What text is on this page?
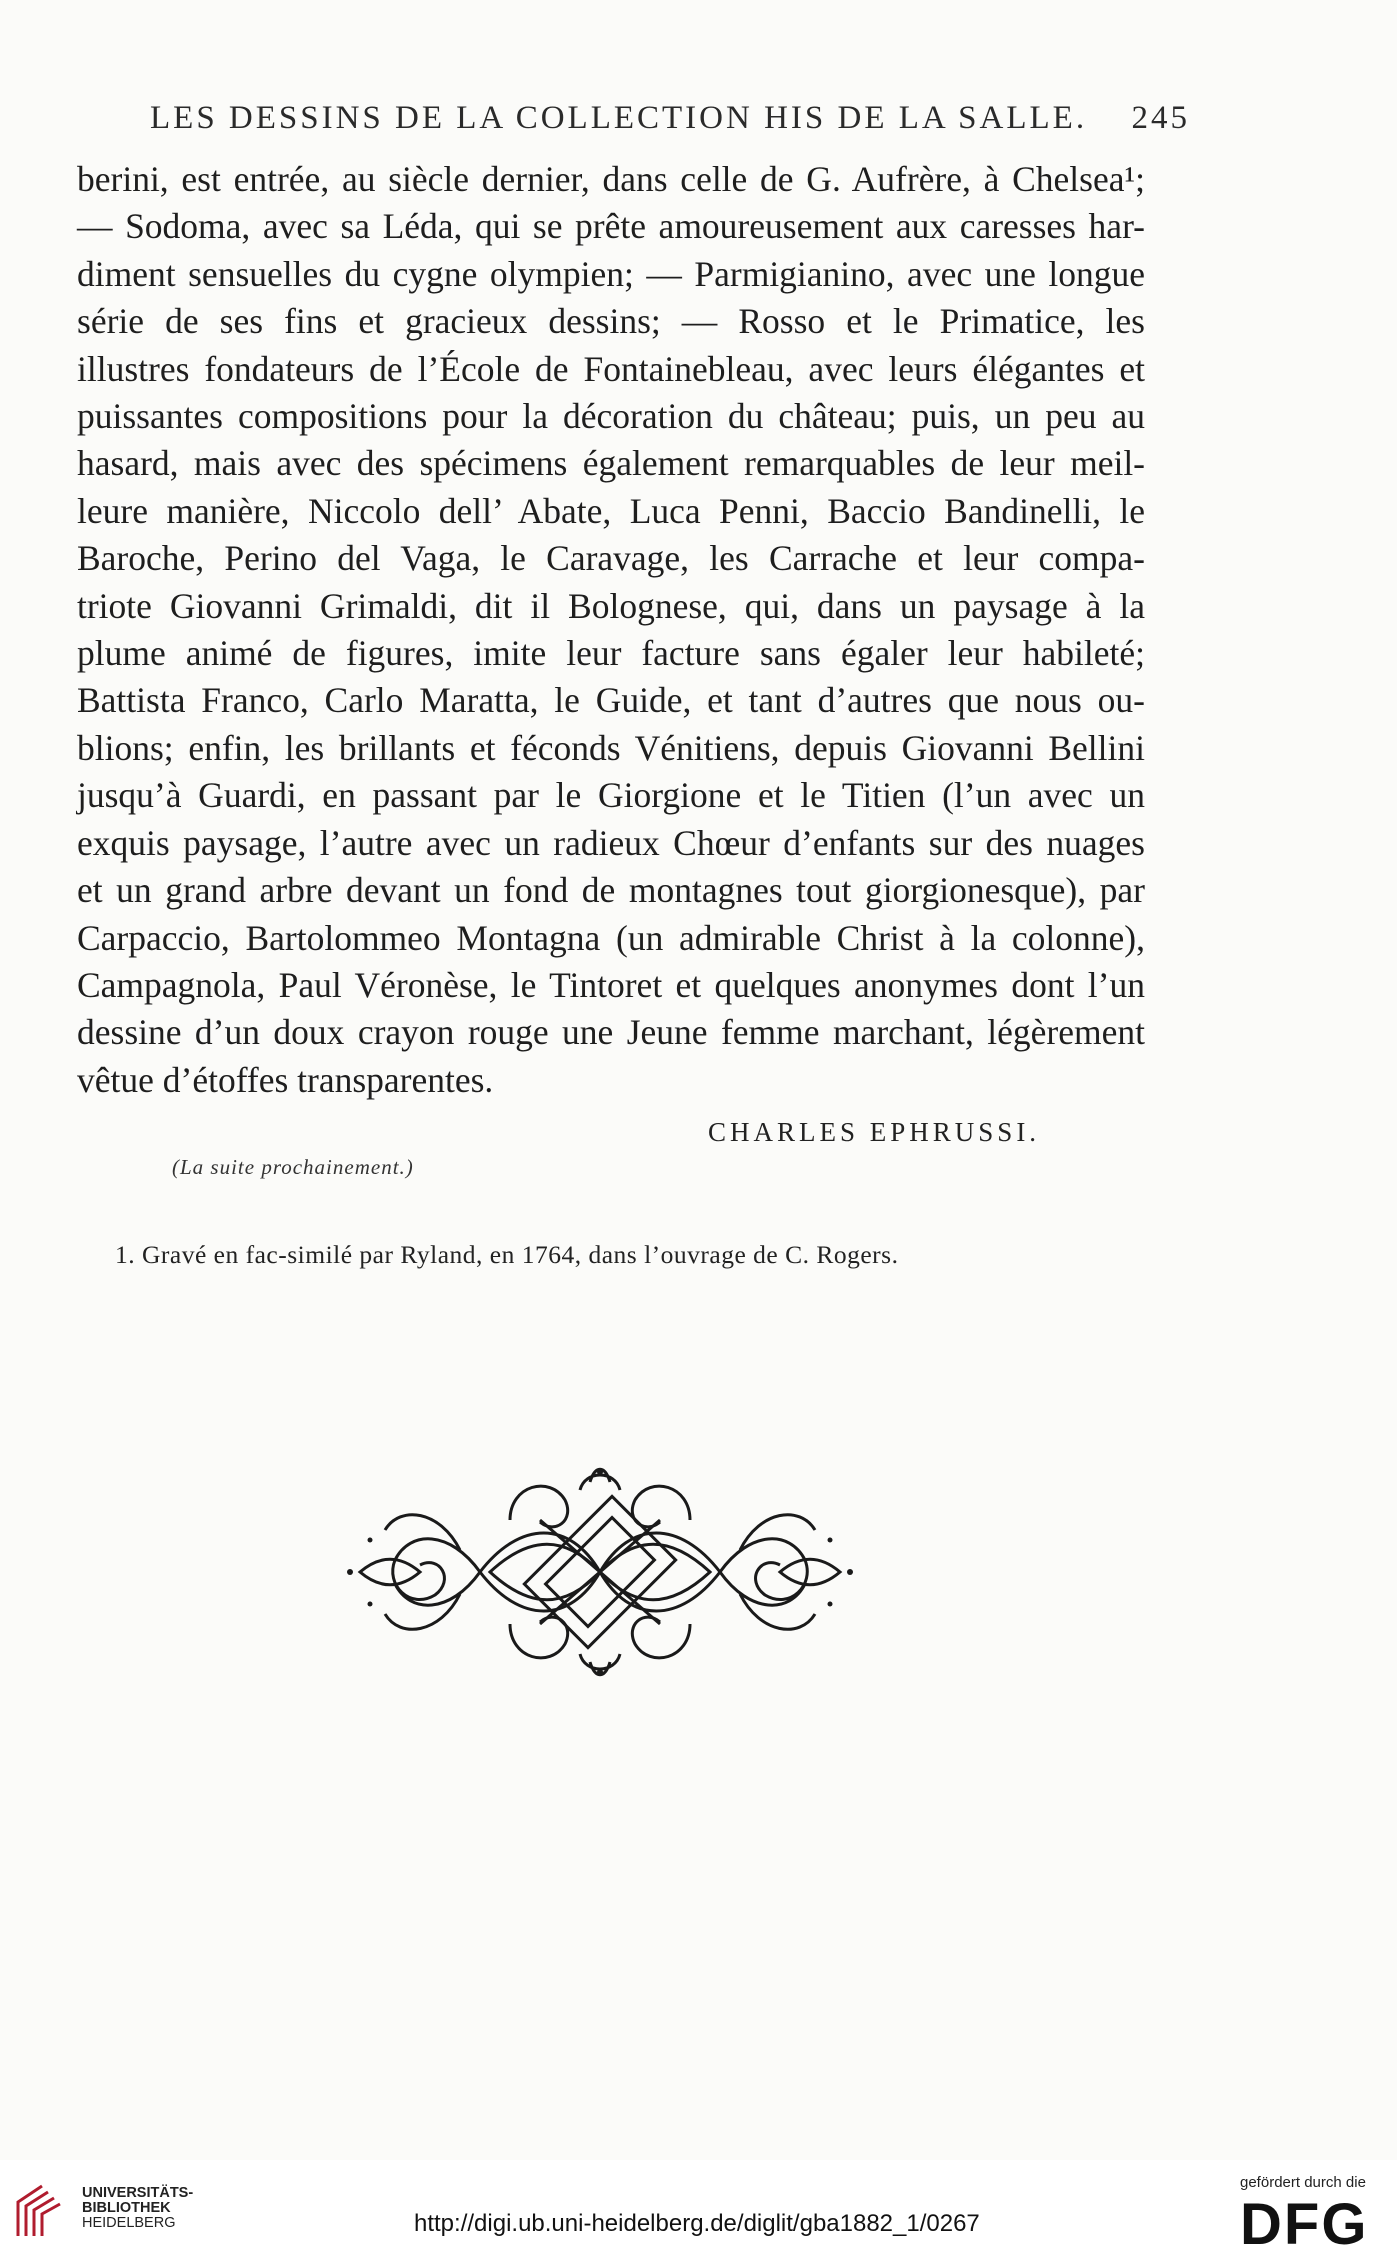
LES DESSINS DE LA COLLECTION HIS DE LA SALLE. 245
berini, est entrée, au siècle dernier, dans celle de G. Aufrère, à Chelsea¹;
— Sodoma, avec sa Léda, qui se prête amoureusement aux caresses har-
diment sensuelles du cygne olympien; — Parmigianino, avec une longue
série de ses fins et gracieux dessins; — Rosso et le Primatice, les
illustres fondateurs de l’École de Fontainebleau, avec leurs élégantes et
puissantes compositions pour la décoration du château; puis, un peu au
hasard, mais avec des spécimens également remarquables de leur meil-
leure manière, Niccolo dell’ Abate, Luca Penni, Baccio Bandinelli, le
Baroche, Perino del Vaga, le Caravage, les Carrache et leur compa-
triote Giovanni Grimaldi, dit il Bolognese, qui, dans un paysage à la
plume animé de figures, imite leur facture sans égaler leur habileté;
Battista Franco, Carlo Maratta, le Guide, et tant d’autres que nous ou-
blions; enfin, les brillants et féconds Vénitiens, depuis Giovanni Bellini
jusqu’à Guardi, en passant par le Giorgione et le Titien (l’un avec un
exquis paysage, l’autre avec un radieux Chœur d’enfants sur des nuages
et un grand arbre devant un fond de montagnes tout giorgionesque), par
Carpaccio, Bartolommeo Montagna (un admirable Christ à la colonne),
Campagnola, Paul Véronèse, le Tintoret et quelques anonymes dont l’un
dessine d’un doux crayon rouge une Jeune femme marchant, légèrement
vêtue d’étoffes transparentes.
CHARLES EPHRUSSI.
(La suite prochainement.)
1. Gravé en fac-similé par Ryland, en 1764, dans l’ouvrage de C. Rogers.
UNIVERSITÄTS-
BIBLIOTHEK
HEIDELBERG	http://digi.ub.uni-heidelberg.de/diglit/gba1882_1/0267
gefördert durch die
DFG
